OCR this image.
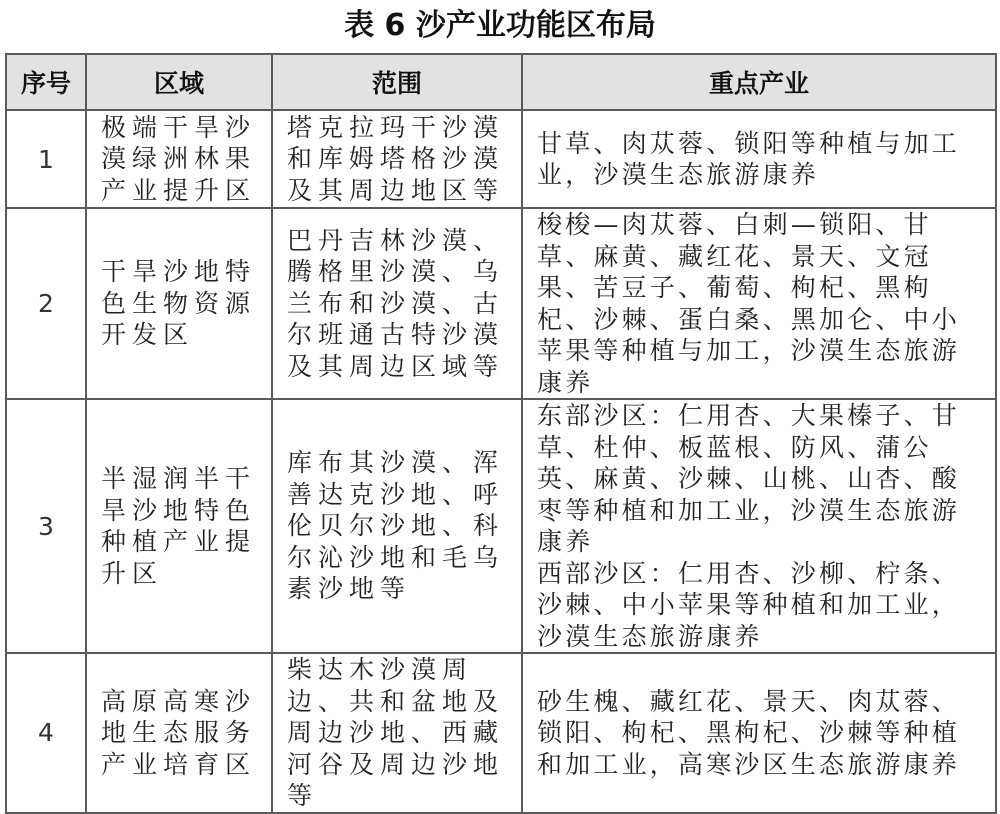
表 6 沙产业功能区布局
序号	区域	范围	重点产业
1	极端干旱沙漠绿洲林果产业提升区	塔克拉玛干沙漠和库姆塔格沙漠及其周边地区等	甘草、肉苁蓉、锁阳等种植与加工业，沙漠生态旅游康养

2	干旱沙地特色生物资源开发区	巴丹吉林沙漠、腾格里沙漠、乌兰布和沙漠、古尔班通古特沙漠及其周边区域等	梭梭—肉苁蓉、白刺—锁阳、甘草、麻黄、藏红花、景天、文冠果、苦豆子、葡萄、枸杞、黑枸杞、沙棘、蛋白桑、黑加仑、中小苹果等种植与加工，沙漠生态旅游康养

3	半湿润半干旱沙地特色种植产业提升区	库布其沙漠、浑善达克沙地、呼伦贝尔沙地、科尔沁沙地和毛乌素沙地等	东部沙区：仁用杏、大果榛子、甘草、杜仲、板蓝根、防风、蒲公英、麻黄、沙棘、山桃、山杏、酸枣等种植和加工业，沙漠生态旅游康养
西部沙区：仁用杏、沙柳、柠条、沙棘、中小苹果等种植和加工业，沙漠生态旅游康养

4	高原高寒沙地生态服务产业培育区	柴达木沙漠周边、共和盆地及周边沙地、西藏河谷及周边沙地等	砂生槐、藏红花、景天、肉苁蓉、锁阳、枸杞、黑枸杞、沙棘等种植和加工业，高寒沙区生态旅游康养
